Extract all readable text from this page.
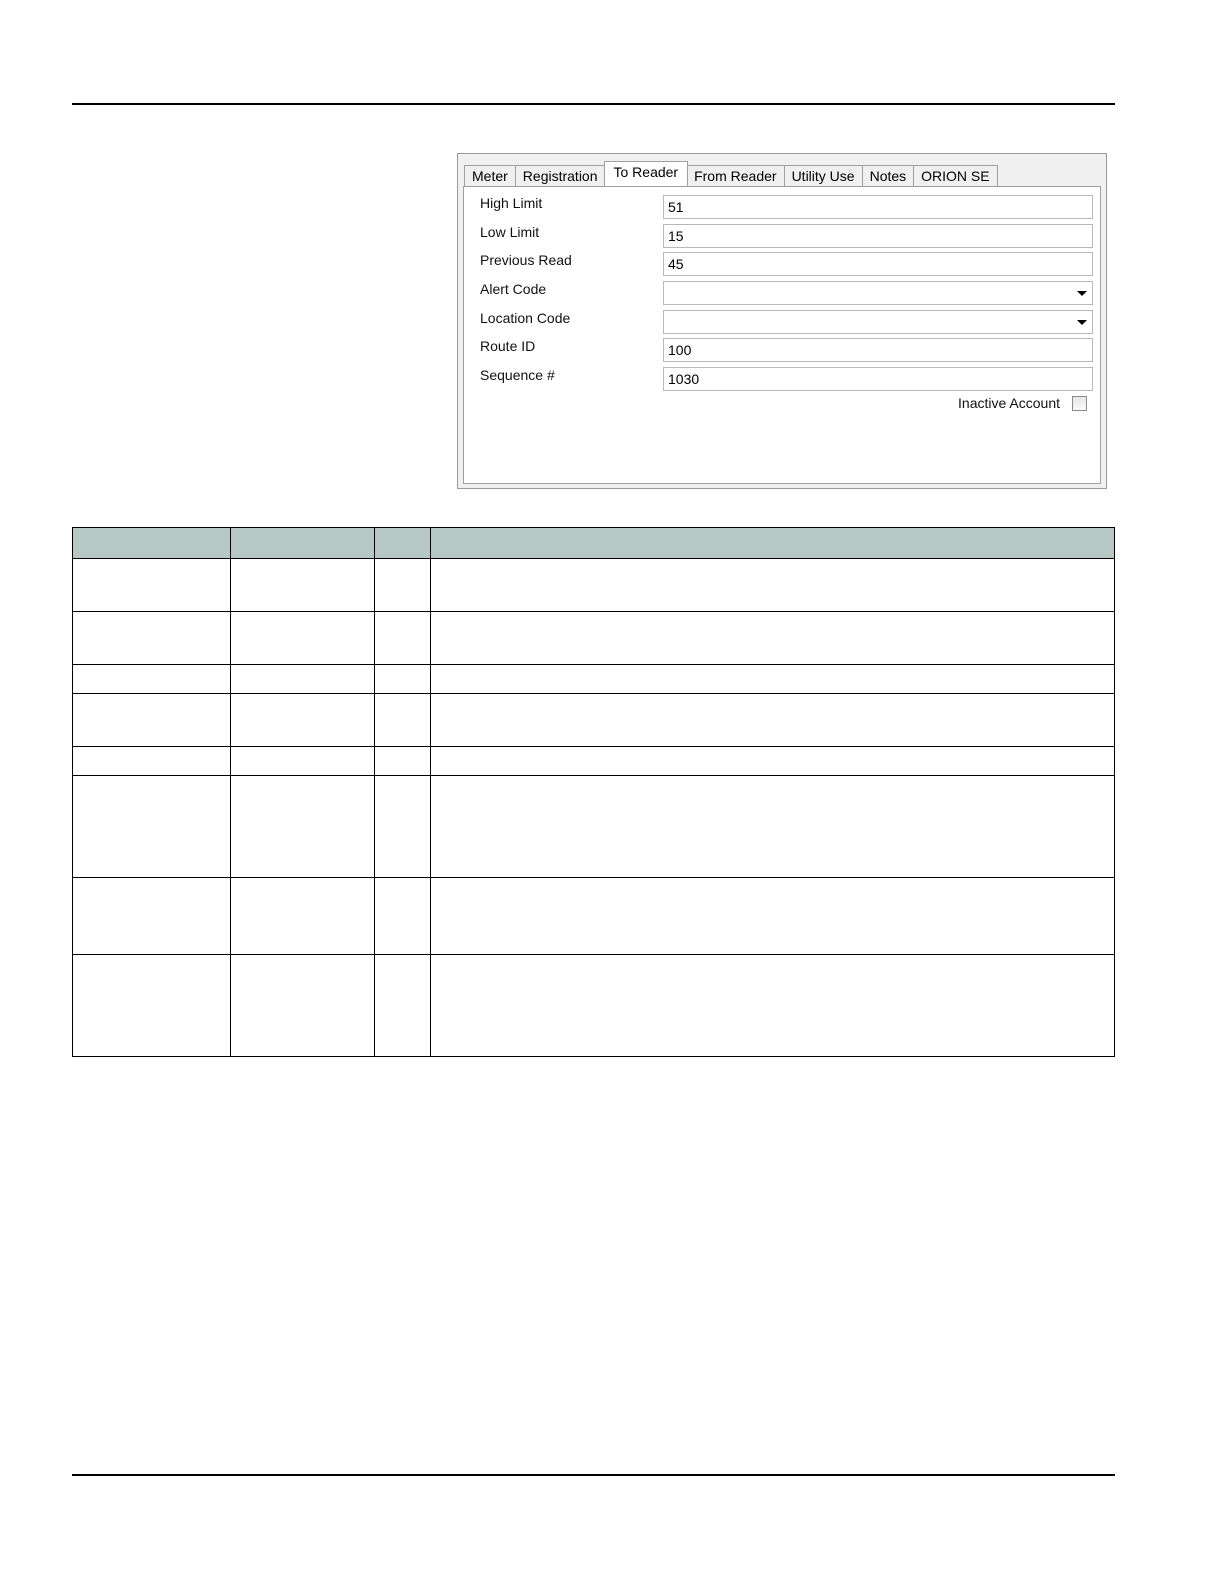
Meter	Registration	To Reader	From Reader	Utility Use	Notes	ORION SE
High Limit	51
Low Limit	15
Previous Read	45
Alert Code
Location Code
Route ID	100
Sequence #	1030
Inactive Account
